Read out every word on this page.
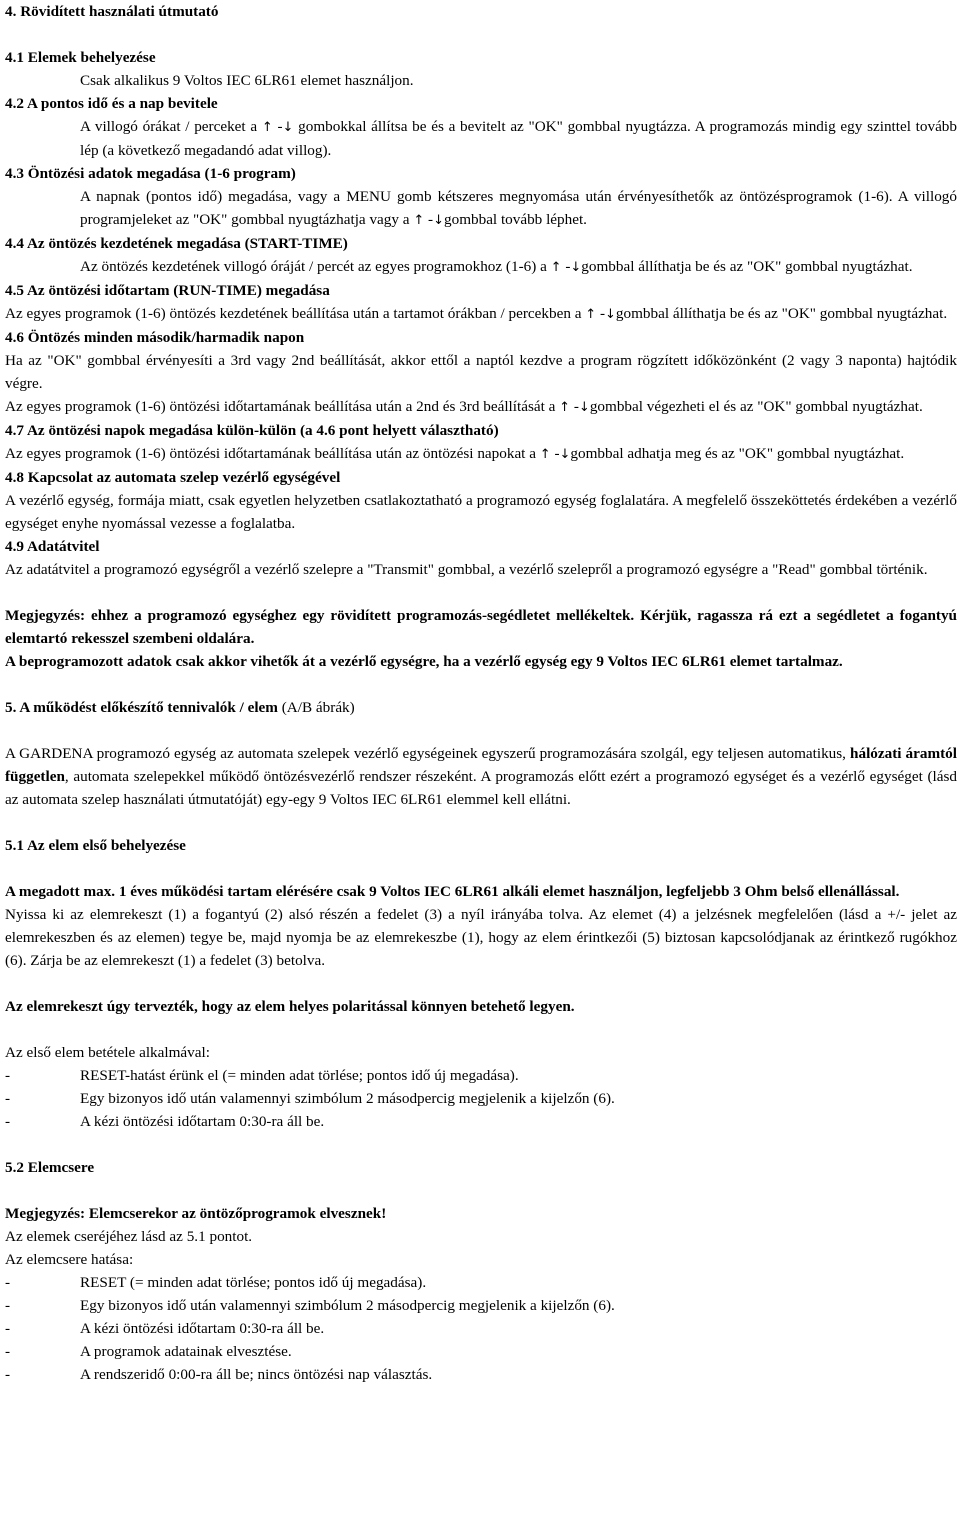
4. Rövidített használati útmutató

4.1 Elemek behelyezése

Csak alkalikus 9 Voltos IEC 6LR61 elemet használjon.

4.2 A pontos idő és a nap bevitele

A villogó órákat / perceket a ↑ -↓ gombokkal állítsa be és a bevitelt az "OK" gombbal nyugtázza. A programozás mindig egy szinttel tovább lép (a következő megadandó adat villog).

4.3 Öntözési adatok megadása (1-6 program)

A napnak (pontos idő) megadása, vagy a MENU gomb kétszeres megnyomása után érvényesíthetők az öntözésprogramok (1-6). A villogó programjeleket az "OK" gombbal nyugtázhatja vagy a ↑ -↓gombbal tovább léphet.

4.4 Az öntözés kezdetének megadása (START-TIME)

Az öntözés kezdetének villogó óráját / percét az egyes programokhoz (1-6) a ↑ -↓gombbal állíthatja be és az "OK" gombbal nyugtázhat.

4.5 Az öntözési időtartam (RUN-TIME) megadása

Az egyes programok (1-6) öntözés kezdetének beállítása után a tartamot órákban / percekben a ↑ -↓gombbal állíthatja be és az "OK" gombbal nyugtázhat.

4.6 Öntözés minden második/harmadik napon

Ha az "OK" gombbal érvényesíti a 3rd vagy 2nd beállítását, akkor ettől a naptól kezdve a program rögzített időközönként (2 vagy 3 naponta) hajtódik végre.

Az egyes programok (1-6) öntözési időtartamának beállítása után a 2nd és 3rd beállítását a ↑ -↓gombbal végezheti el és az "OK" gombbal nyugtázhat.

4.7 Az öntözési napok megadása külön-külön (a 4.6 pont helyett választható)

Az egyes programok (1-6) öntözési időtartamának beállítása után az öntözési napokat a ↑ -↓gombbal adhatja meg és az "OK" gombbal nyugtázhat.

4.8 Kapcsolat az automata szelep vezérlő egységével

A vezérlő egység, formája miatt, csak egyetlen helyzetben csatlakoztatható a programozó egység foglalatára. A megfelelő összeköttetés érdekében a vezérlő egységet enyhe nyomással vezesse a foglalatba.

4.9 Adatátvitel

Az adatátvitel a programozó egységről a vezérlő szelepre a "Transmit" gombbal, a vezérlő szelepről a programozó egységre a "Read" gombbal történik.

Megjegyzés: ehhez a programozó egységhez egy rövidített programozás-segédletet mellékeltek. Kérjük, ragassza rá ezt a segédletet a fogantyú elemtartó rekesszel szembeni oldalára.

A beprogramozott adatok csak akkor vihetők át a vezérlő egységre, ha a vezérlő egység egy 9 Voltos IEC 6LR61 elemet tartalmaz.

5. A működést előkészítő tennivalók / elem (A/B ábrák)

A GARDENA programozó egység az automata szelepek vezérlő egységeinek egyszerű programozására szolgál, egy teljesen automatikus, hálózati áramtól független, automata szelepekkel működő öntözésvezérlő rendszer részeként. A programozás előtt ezért a programozó egységet és a vezérlő egységet (lásd az automata szelep használati útmutatóját) egy-egy 9 Voltos IEC 6LR61 elemmel kell ellátni.

5.1 Az elem első behelyezése

A megadott max. 1 éves működési tartam elérésére csak 9 Voltos IEC 6LR61 alkáli elemet használjon, legfeljebb 3 Ohm belső ellenállással.

Nyissa ki az elemrekeszt (1) a fogantyú (2) alsó részén a fedelet (3) a nyíl irányába tolva. Az elemet (4) a jelzésnek megfelelően (lásd a +/- jelet az elemrekeszben és az elemen) tegye be, majd nyomja be az elemrekeszbe (1), hogy az elem érintkezői (5) biztosan kapcsolódjanak az érintkező rugókhoz (6). Zárja be az elemrekeszt (1) a fedelet (3) betolva.

Az elemrekeszt úgy tervezték, hogy az elem helyes polaritással könnyen betehető legyen.

Az első elem betétele alkalmával:

-	RESET-hatást érünk el (= minden adat törlése; pontos idő új megadása).
-	Egy bizonyos idő után valamennyi szimbólum 2 másodpercig megjelenik a kijelzőn (6).
-	A kézi öntözési időtartam 0:30-ra áll be.

5.2 Elemcsere

Megjegyzés: Elemcserekor az öntözőprogramok elvesznek!

Az elemek cseréjéhez lásd az 5.1 pontot.

Az elemcsere hatása:

-	RESET (= minden adat törlése; pontos idő új megadása).
-	Egy bizonyos idő után valamennyi szimbólum 2 másodpercig megjelenik a kijelzőn (6).
-	A kézi öntözési időtartam 0:30-ra áll be.
-	A programok adatainak elvesztése.
-	A rendszeridő 0:00-ra áll be; nincs öntözési nap választás.
